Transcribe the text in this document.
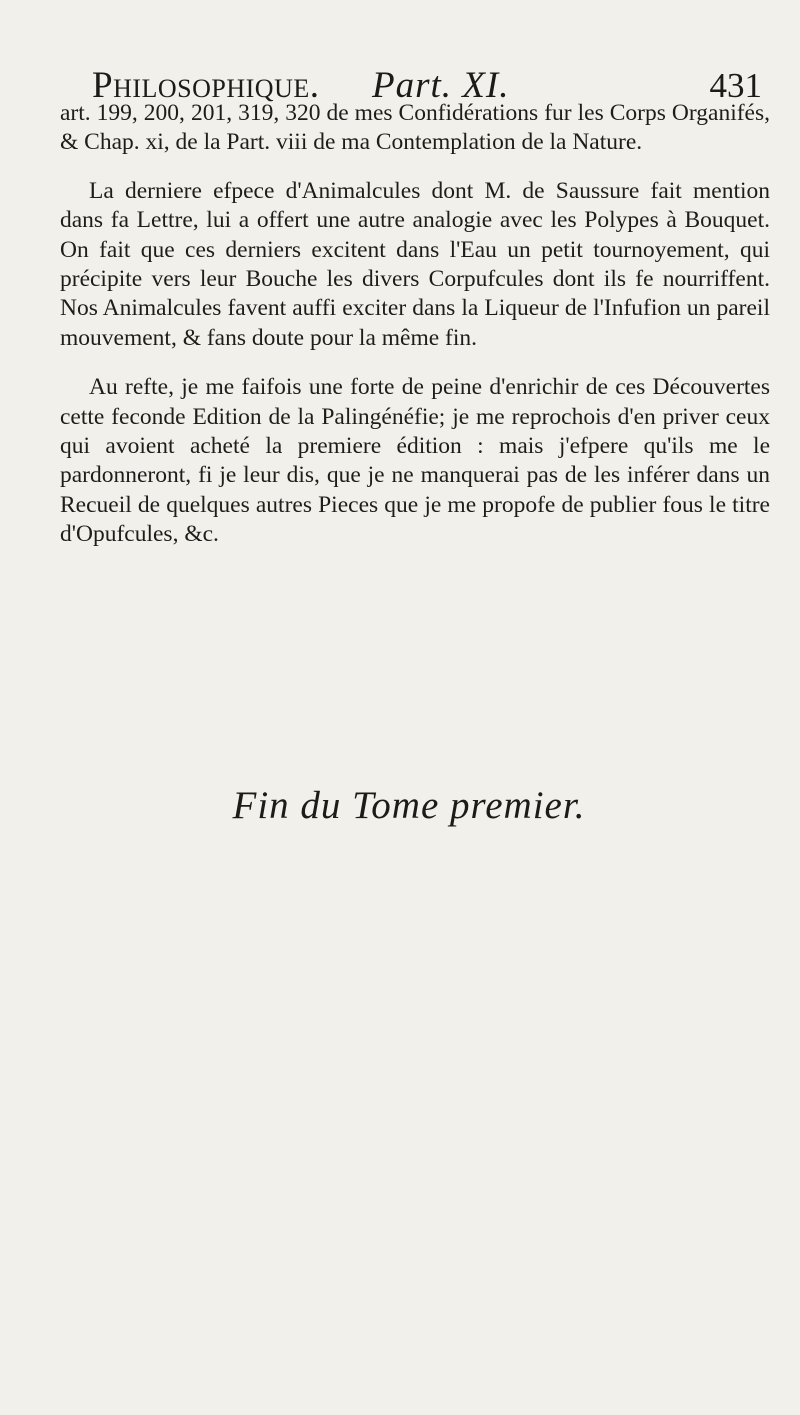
Philosophique. Part. XI.	431

art. 199, 200, 201, 319, 320 de mes Confidérations fur les Corps Organifés, & Chap. xi, de la Part. viii de ma Contemplation de la Nature.

La derniere efpece d'Animalcules dont M. de Saussure fait mention dans fa Lettre, lui a offert une autre analogie avec les Polypes à Bouquet. On fait que ces derniers excitent dans l'Eau un petit tournoyement, qui précipite vers leur Bouche les divers Corpufcules dont ils fe nourriffent. Nos Animalcules favent auffi exciter dans la Liqueur de l'Infufion un pareil mouvement, & fans doute pour la même fin.

Au refte, je me faifois une forte de peine d'enrichir de ces Découvertes cette feconde Edition de la Palingénéfie; je me reprochois d'en priver ceux qui avoient acheté la premiere édition : mais j'efpere qu'ils me le pardonneront, fi je leur dis, que je ne manquerai pas de les inférer dans un Recueil de quelques autres Pieces que je me propofe de publier fous le titre d'Opufcules, &c.

Fin du Tome premier.
